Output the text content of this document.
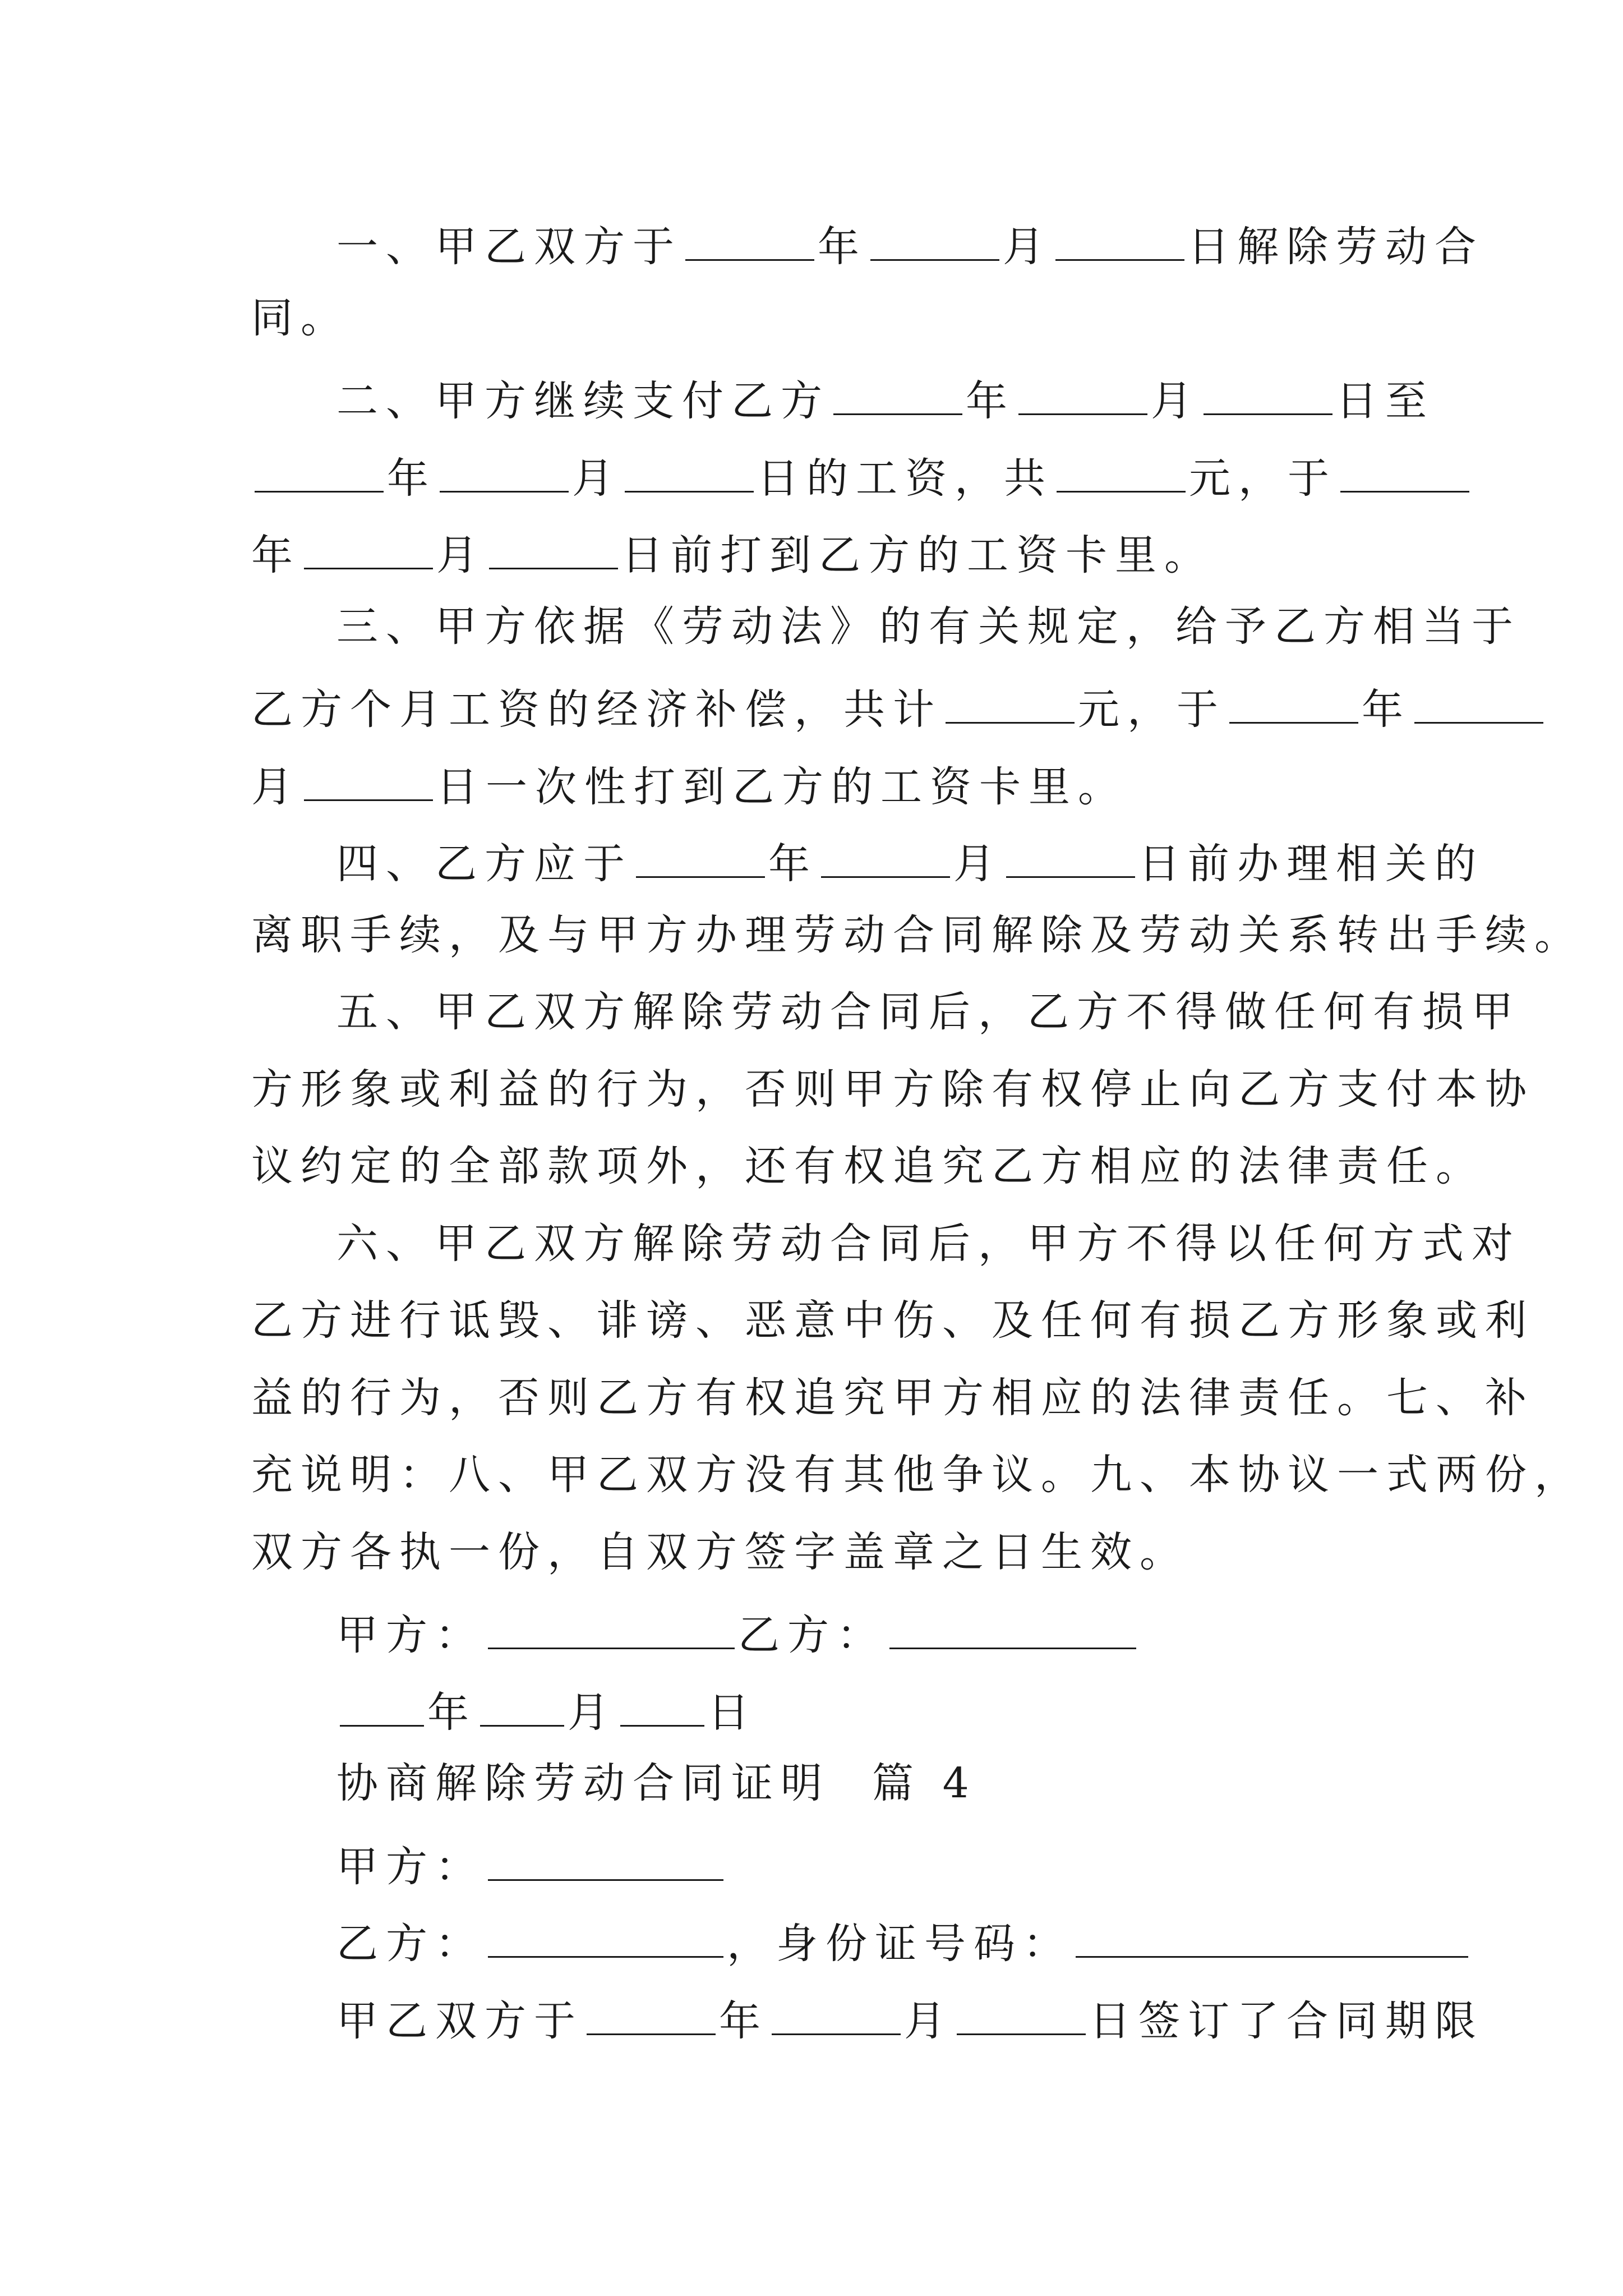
一、甲乙双方于	年	月	日解除劳动合
同。
二、甲方继续支付乙方	年	月	日至
年	月	日的工资，共	元，于
年	月	日前打到乙方的工资卡里。
三、甲方依据《劳动法》的有关规定，给予乙方相当于
乙方个月工资的经济补偿，共计	元，于	年
月	日一次性打到乙方的工资卡里。
四、乙方应于	年	月	日前办理相关的
离职手续，及与甲方办理劳动合同解除及劳动关系转出手续。
五、甲乙双方解除劳动合同后，乙方不得做任何有损甲
方形象或利益的行为，否则甲方除有权停止向乙方支付本协
议约定的全部款项外，还有权追究乙方相应的法律责任。
六、甲乙双方解除劳动合同后，甲方不得以任何方式对
乙方进行诋毁、诽谤、恶意中伤、及任何有损乙方形象或利
益的行为，否则乙方有权追究甲方相应的法律责任。七、补
充说明：八、甲乙双方没有其他争议。九、本协议一式两份，
双方各执一份，自双方签字盖章之日生效。
甲方：	乙方：
年 月 日
协商解除劳动合同证明  篇 4
甲方：
乙方：	，身份证号码：
甲乙双方于	年	月	日签订了合同期限
